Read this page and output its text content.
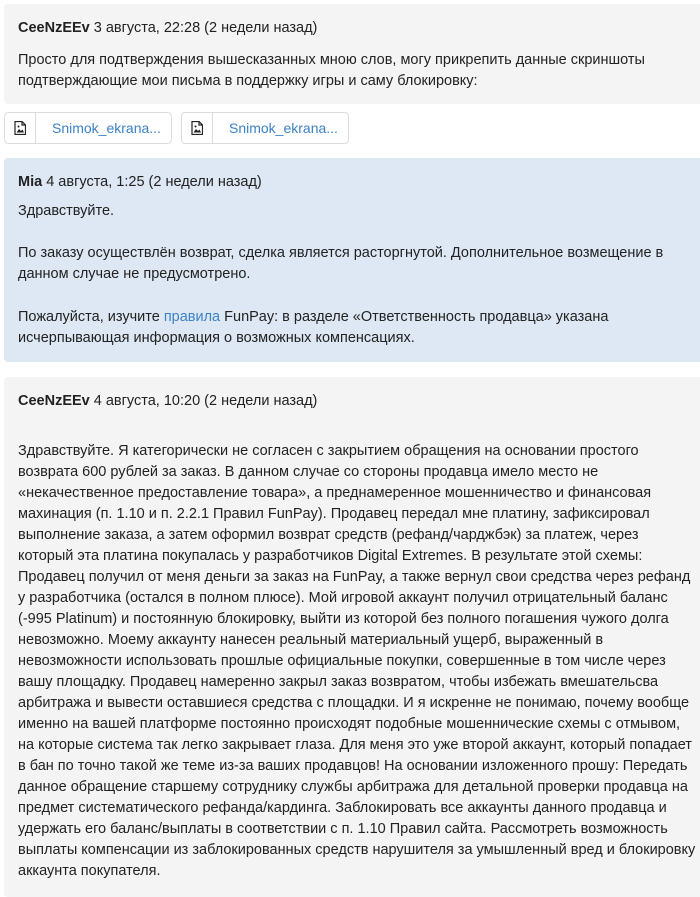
CeeNzEEv 3 августа, 22:28 (2 недели назад)

Просто для подтверждения вышесказанных мною слов, могу прикрепить данные скриншоты подтверждающие мои письма в поддержку игры и саму блокировку:

Snimok_ekrana...	Snimok_ekrana...
Mia 4 августа, 1:25 (2 недели назад)

Здравствуйте.

По заказу осуществлён возврат, сделка является расторгнутой. Дополнительное возмещение в данном случае не предусмотрено.

Пожалуйста, изучите правила FunPay: в разделе «Ответственность продавца» указана исчерпывающая информация о возможных компенсациях.

CeeNzEEv 4 августа, 10:20 (2 недели назад)

Здравствуйте. Я категорически не согласен с закрытием обращения на основании простого возврата 600 рублей за заказ. В данном случае со стороны продавца имело место не «некачественное предоставление товара», а преднамеренное мошенничество и финансовая махинация (п. 1.10 и п. 2.2.1 Правил FunPay). Продавец передал мне платину, зафиксировал выполнение заказа, а затем оформил возврат средств (рефанд/чарджбэк) за платеж, через который эта платина покупалась у разработчиков Digital Extremes. В результате этой схемы: Продавец получил от меня деньги за заказ на FunPay, а также вернул свои средства через рефанд у разработчика (остался в полном плюсе). Мой игровой аккаунт получил отрицательный баланс (-995 Platinum) и постоянную блокировку, выйти из которой без полного погашения чужого долга невозможно. Моему аккаунту нанесен реальный материальный ущерб, выраженный в невозможности использовать прошлые официальные покупки, совершенные в том числе через вашу площадку. Продавец намеренно закрыл заказ возвратом, чтобы избежать вмешательсва арбитража и вывести оставшиеся средства с площадки. И я искренне не понимаю, почему вообще именно на вашей платформе постоянно происходят подобные мошеннические схемы с отмывом, на которые система так легко закрывает глаза. Для меня это уже второй аккаунт, который попадает в бан по точно такой же теме из-за ваших продавцов! На основании изложенного прошу: Передать данное обращение старшему сотруднику службы арбитража для детальной проверки продавца на предмет систематического рефанда/кардинга. Заблокировать все аккаунты данного продавца и удержать его баланс/выплаты в соответствии с п. 1.10 Правил сайта. Рассмотреть возможность выплаты компенсации из заблокированных средств нарушителя за умышленный вред и блокировку аккаунта покупателя.
